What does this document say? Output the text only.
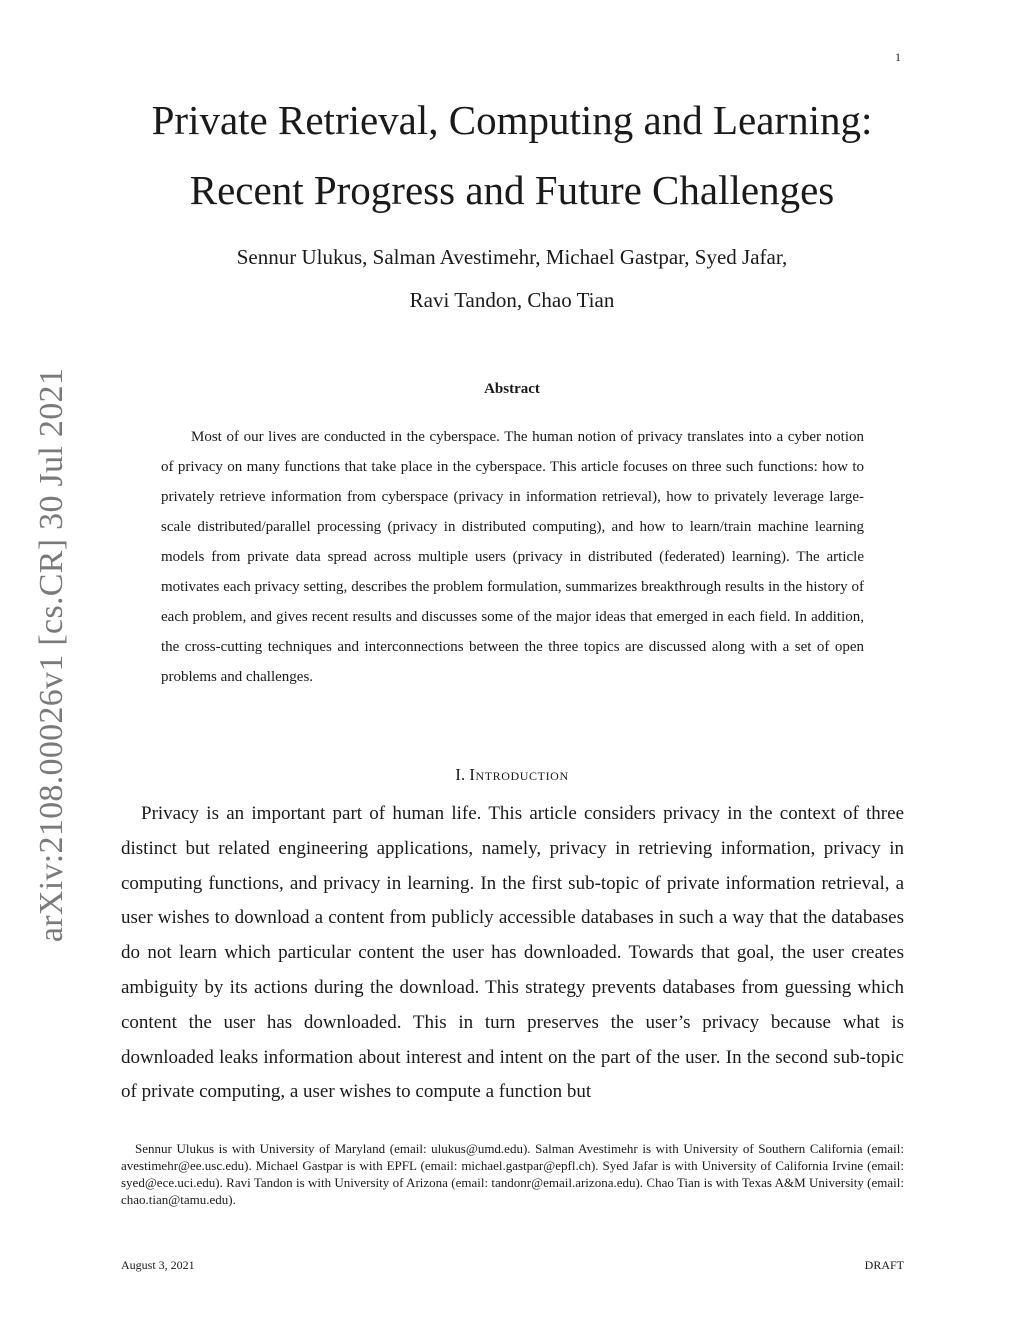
1
arXiv:2108.00026v1 [cs.CR] 30 Jul 2021
Private Retrieval, Computing and Learning:
Recent Progress and Future Challenges
Sennur Ulukus, Salman Avestimehr, Michael Gastpar, Syed Jafar,
Ravi Tandon, Chao Tian
Abstract

Most of our lives are conducted in the cyberspace. The human notion of privacy translates into a cyber notion of privacy on many functions that take place in the cyberspace. This article focuses on three such functions: how to privately retrieve information from cyberspace (privacy in information retrieval), how to privately leverage large-scale distributed/parallel processing (privacy in distributed computing), and how to learn/train machine learning models from private data spread across multiple users (privacy in distributed (federated) learning). The article motivates each privacy setting, describes the problem formulation, summarizes breakthrough results in the history of each problem, and gives recent results and discusses some of the major ideas that emerged in each field. In addition, the cross-cutting techniques and interconnections between the three topics are discussed along with a set of open problems and challenges.

I. Introduction

Privacy is an important part of human life. This article considers privacy in the context of three distinct but related engineering applications, namely, privacy in retrieving information, privacy in computing functions, and privacy in learning. In the first sub-topic of private information retrieval, a user wishes to download a content from publicly accessible databases in such a way that the databases do not learn which particular content the user has downloaded. Towards that goal, the user creates ambiguity by its actions during the download. This strategy prevents databases from guessing which content the user has downloaded. This in turn preserves the user’s privacy because what is downloaded leaks information about interest and intent on the part of the user. In the second sub-topic of private computing, a user wishes to compute a function but

Sennur Ulukus is with University of Maryland (email: ulukus@umd.edu). Salman Avestimehr is with University of Southern California (email: avestimehr@ee.usc.edu). Michael Gastpar is with EPFL (email: michael.gastpar@epfl.ch). Syed Jafar is with University of California Irvine (email: syed@ece.uci.edu). Ravi Tandon is with University of Arizona (email: tandonr@email.arizona.edu). Chao Tian is with Texas A&M University (email: chao.tian@tamu.edu).

August 3, 2021	DRAFT
